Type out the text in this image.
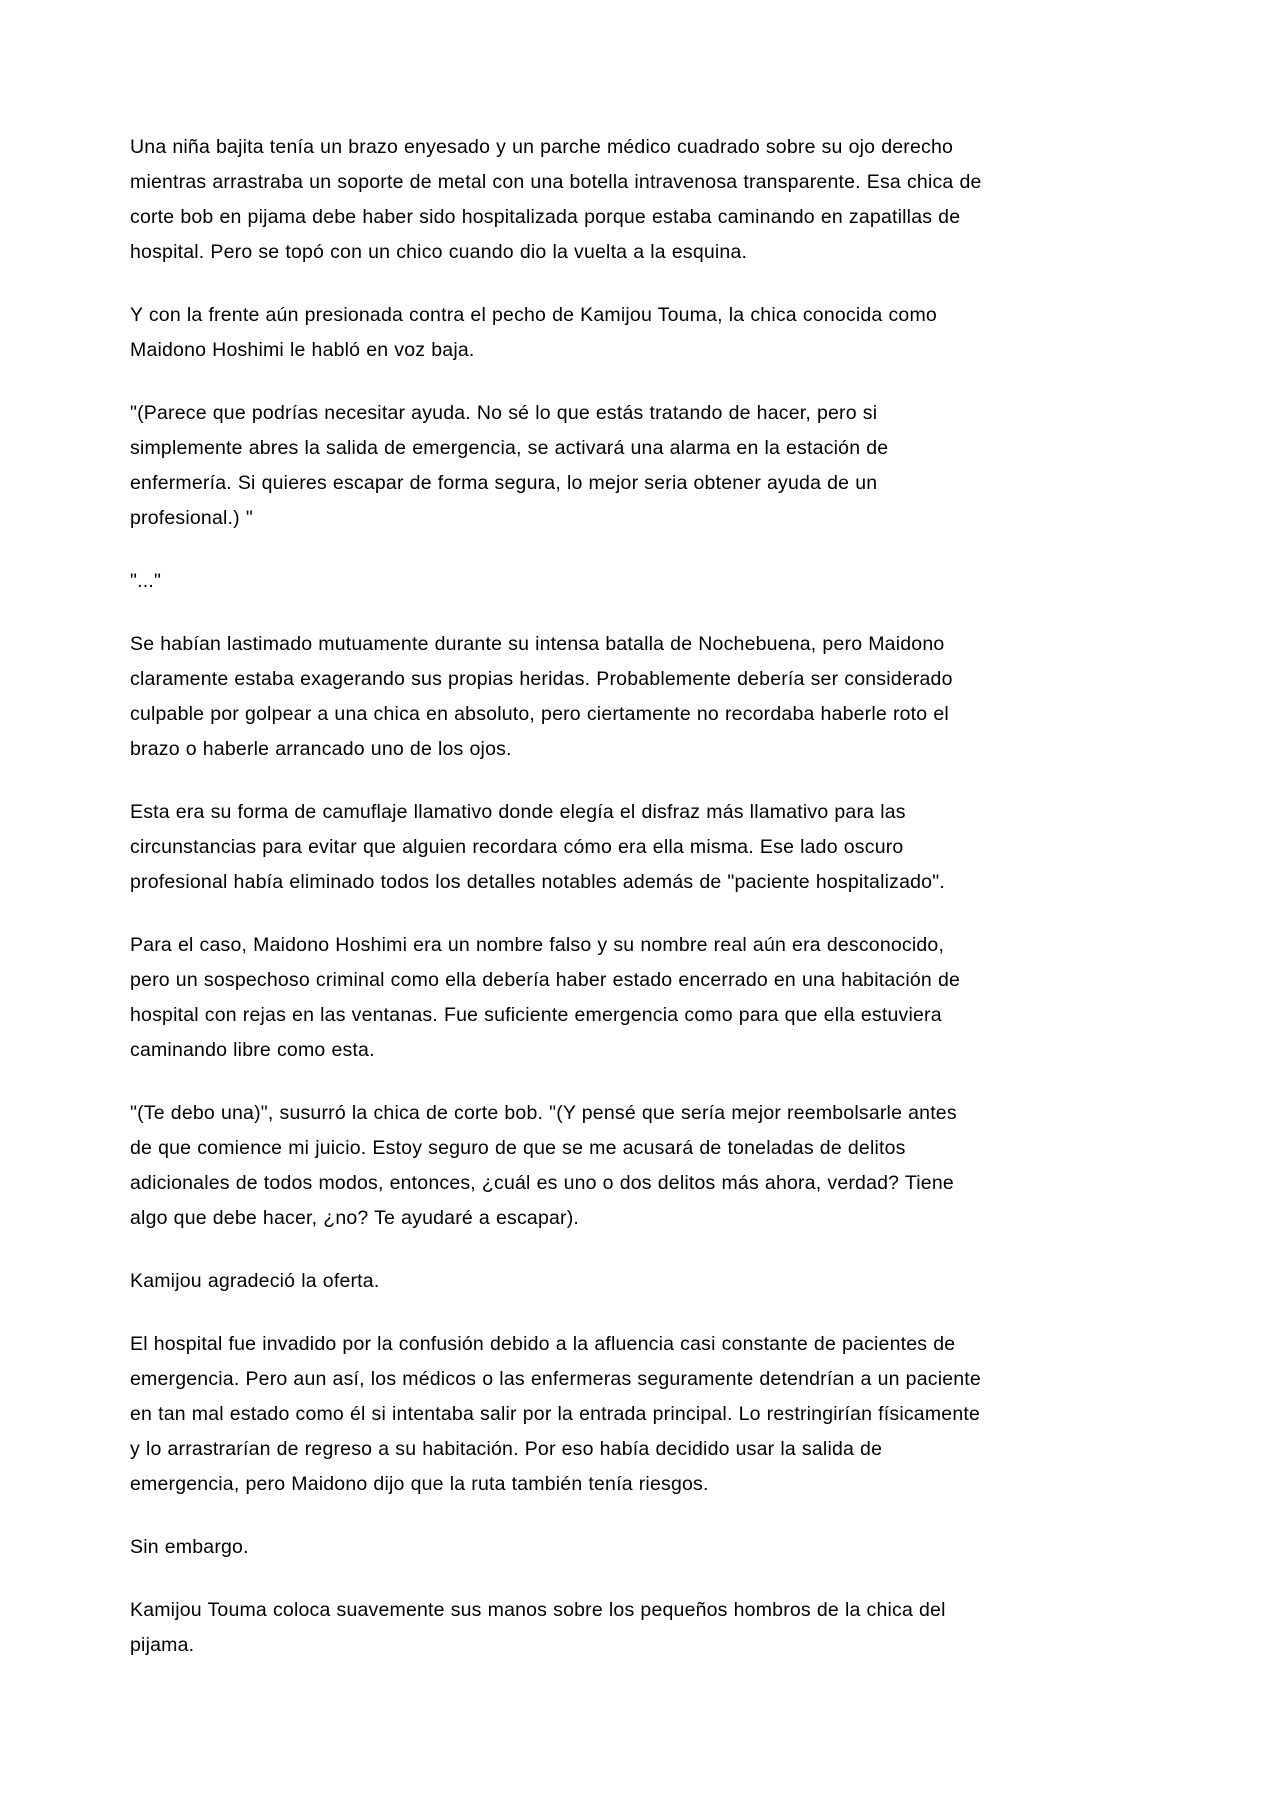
Una niña bajita tenía un brazo enyesado y un parche médico cuadrado sobre su ojo derecho mientras arrastraba un soporte de metal con una botella intravenosa transparente. Esa chica de corte bob en pijama debe haber sido hospitalizada porque estaba caminando en zapatillas de hospital. Pero se topó con un chico cuando dio la vuelta a la esquina.

Y con la frente aún presionada contra el pecho de Kamijou Touma, la chica conocida como Maidono Hoshimi le habló en voz baja.

"(Parece que podrías necesitar ayuda. No sé lo que estás tratando de hacer, pero si simplemente abres la salida de emergencia, se activará una alarma en la estación de enfermería. Si quieres escapar de forma segura, lo mejor seria obtener ayuda de un profesional.) "

"..."

Se habían lastimado mutuamente durante su intensa batalla de Nochebuena, pero Maidono claramente estaba exagerando sus propias heridas. Probablemente debería ser considerado culpable por golpear a una chica en absoluto, pero ciertamente no recordaba haberle roto el brazo o haberle arrancado uno de los ojos.

Esta era su forma de camuflaje llamativo donde elegía el disfraz más llamativo para las circunstancias para evitar que alguien recordara cómo era ella misma. Ese lado oscuro profesional había eliminado todos los detalles notables además de "paciente hospitalizado".

Para el caso, Maidono Hoshimi era un nombre falso y su nombre real aún era desconocido, pero un sospechoso criminal como ella debería haber estado encerrado en una habitación de hospital con rejas en las ventanas. Fue suficiente emergencia como para que ella estuviera caminando libre como esta.

"(Te debo una)", susurró la chica de corte bob. "(Y pensé que sería mejor reembolsarle antes de que comience mi juicio. Estoy seguro de que se me acusará de toneladas de delitos adicionales de todos modos, entonces, ¿cuál es uno o dos delitos más ahora, verdad? Tiene algo que debe hacer, ¿no? Te ayudaré a escapar).

Kamijou agradeció la oferta.

El hospital fue invadido por la confusión debido a la afluencia casi constante de pacientes de emergencia. Pero aun así, los médicos o las enfermeras seguramente detendrían a un paciente en tan mal estado como él si intentaba salir por la entrada principal. Lo restringirían físicamente y lo arrastrarían de regreso a su habitación. Por eso había decidido usar la salida de emergencia, pero Maidono dijo que la ruta también tenía riesgos.

Sin embargo.

Kamijou Touma coloca suavemente sus manos sobre los pequeños hombros de la chica del pijama.
